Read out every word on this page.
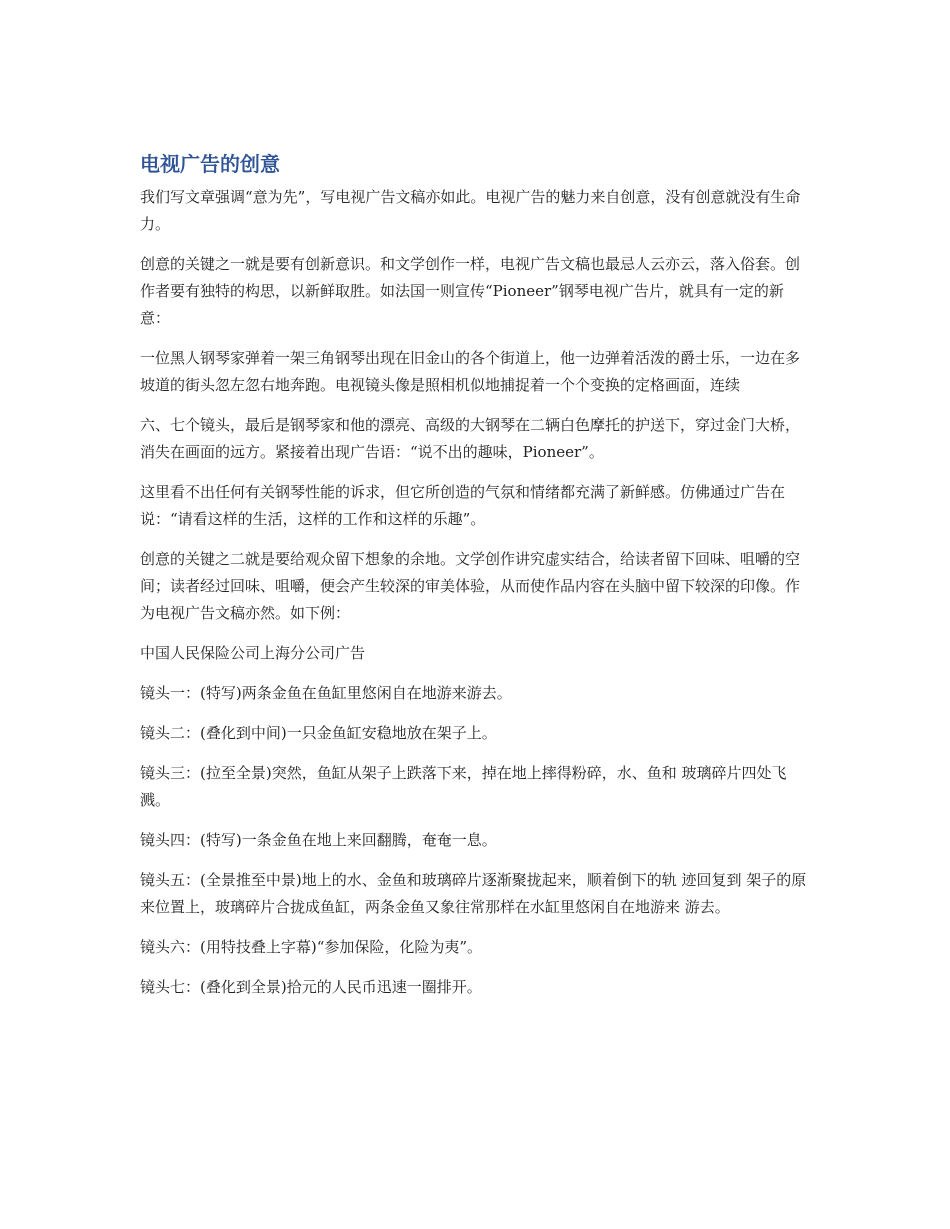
电视广告的创意

我们写文章强调“意为先”，写电视广告文稿亦如此。电视广告的魅力来自创意，没有创意就没有生命力。

创意的关键之一就是要有创新意识。和文学创作一样，电视广告文稿也最忌人云亦云，落入俗套。创作者要有独特的构思，以新鲜取胜。如法国一则宣传“Pioneer”钢琴电视广告片，就具有一定的新意：

一位黑人钢琴家弹着一架三角钢琴出现在旧金山的各个街道上，他一边弹着活泼的爵士乐，一边在多坡道的街头忽左忽右地奔跑。电视镜头像是照相机似地捕捉着一个个变换的定格画面，连续

六、七个镜头，最后是钢琴家和他的漂亮、高级的大钢琴在二辆白色摩托的护送下，穿过金门大桥，消失在画面的远方。紧接着出现广告语：“说不出的趣味，Pioneer”。

这里看不出任何有关钢琴性能的诉求，但它所创造的气氛和情绪都充满了新鲜感。仿佛通过广告在说：“请看这样的生活，这样的工作和这样的乐趣”。

创意的关键之二就是要给观众留下想象的余地。文学创作讲究虚实结合，给读者留下回味、咀嚼的空间；读者经过回味、咀嚼，便会产生较深的审美体验，从而使作品内容在头脑中留下较深的印像。作为电视广告文稿亦然。如下例：

中国人民保险公司上海分公司广告

镜头一：(特写)两条金鱼在鱼缸里悠闲自在地游来游去。

镜头二：(叠化到中间)一只金鱼缸安稳地放在架子上。

镜头三：(拉至全景)突然，鱼缸从架子上跌落下来，掉在地上摔得粉碎，水、鱼和 玻璃碎片四处飞溅。

镜头四：(特写)一条金鱼在地上来回翻腾，奄奄一息。

镜头五：(全景推至中景)地上的水、金鱼和玻璃碎片逐渐聚拢起来，顺着倒下的轨 迹回复到 架子的原来位置上，玻璃碎片合拢成鱼缸，两条金鱼又象往常那样在水缸里悠闲自在地游来 游去。

镜头六：(用特技叠上字幕)“参加保险，化险为夷”。

镜头七：(叠化到全景)拾元的人民币迅速一圈排开。
